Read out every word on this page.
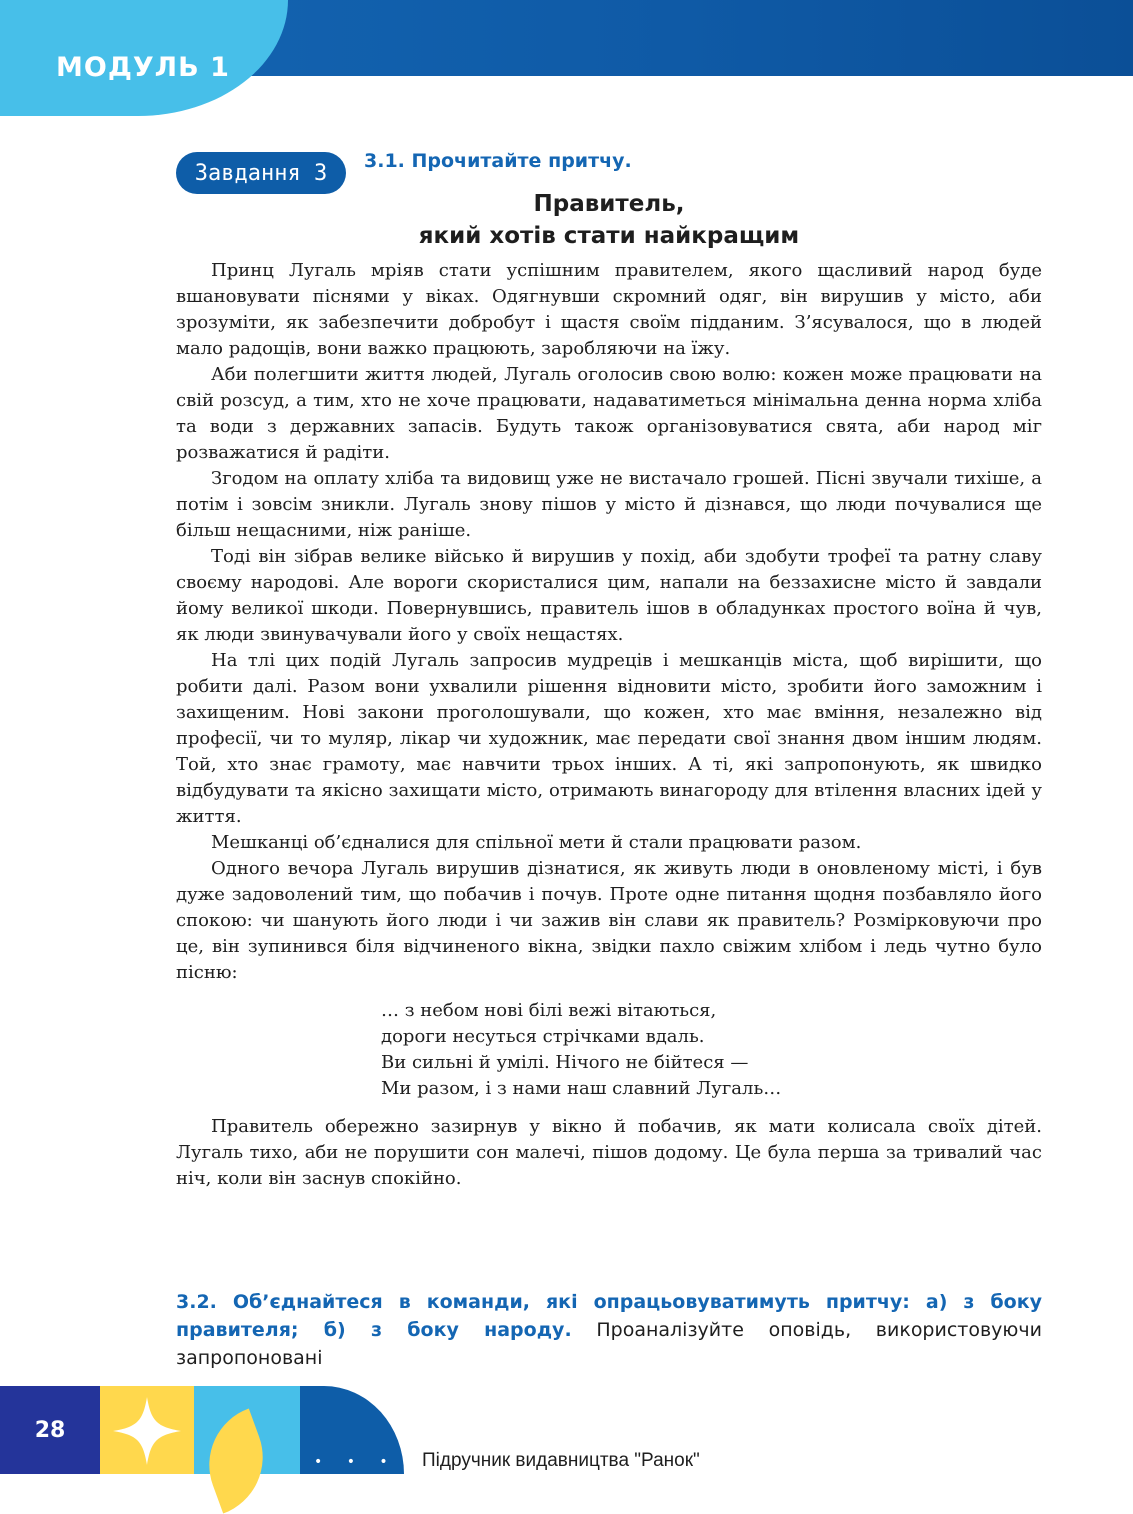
МОДУЛЬ 1
Завдання 3	3.1. Прочитайте притчу.
Правитель,
який хотів стати найкращим

Принц Лугаль мріяв стати успішним правителем, якого щасливий народ буде вшановувати піснями у віках. Одягнувши скромний одяг, він вирушив у місто, аби зрозуміти, як забезпечити добробут і щастя своїм підданим. З’ясувалося, що в людей мало радощів, вони важко працюють, заробляючи на їжу.

Аби полегшити життя людей, Лугаль оголосив свою волю: кожен може працювати на свій розсуд, а тим, хто не хоче працювати, надаватиметься мінімальна денна норма хліба та води з державних запасів. Будуть також організовуватися свята, аби народ міг розважатися й радіти.

Згодом на оплату хліба та видовищ уже не вистачало грошей. Пісні звучали тихіше, а потім і зовсім зникли. Лугаль знову пішов у місто й дізнався, що люди почувалися ще більш нещасними, ніж раніше.

Тоді він зібрав велике військо й вирушив у похід, аби здобути трофеї та ратну славу своєму народові. Але вороги скористалися цим, напали на беззахисне місто й завдали йому великої шкоди. Повернувшись, правитель ішов в обладунках простого воїна й чув, як люди звинувачували його у своїх нещастях.

На тлі цих подій Лугаль запросив мудреців і мешканців міста, щоб вирішити, що робити далі. Разом вони ухвалили рішення відновити місто, зробити його заможним і захищеним. Нові закони проголошували, що кожен, хто має вміння, незалежно від професії, чи то муляр, лікар чи художник, має передати свої знання двом іншим людям. Той, хто знає грамоту, має навчити трьох інших. А ті, які запропонують, як швидко відбудувати та якісно захищати місто, отримають винагороду для втілення власних ідей у життя.

Мешканці об’єдналися для спільної мети й стали працювати разом.

Одного вечора Лугаль вирушив дізнатися, як живуть люди в оновленому місті, і був дуже задоволений тим, що побачив і почув. Проте одне питання щодня позбавляло його спокою: чи шанують його люди і чи зажив він слави як правитель? Розмірковуючи про це, він зупинився біля відчиненого вікна, звідки пахло свіжим хлібом і ледь чутно було пісню:

… з небом нові білі вежі вітаються,
дороги несуться стрічками вдаль.
Ви сильні й умілі. Нічого не бійтеся —
Ми разом, і з нами наш славний Лугаль…

Правитель обережно зазирнув у вікно й побачив, як мати колисала своїх дітей. Лугаль тихо, аби не порушити сон малечі, пішов додому. Це була перша за тривалий час ніч, коли він заснув спокійно.

3.2. Об’єднайтеся в команди, які опрацьовуватимуть притчу: а) з боку правителя; б) з боку народу. Проаналізуйте оповідь, використовуючи запропоновані
28
• • • •
Підручник видавництва "Ранок"
